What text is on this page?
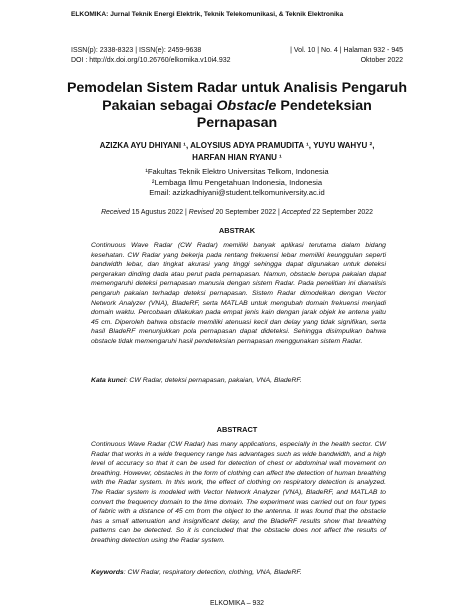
ELKOMIKA: Jurnal Teknik Energi Elektrik, Teknik Telekomunikasi, & Teknik Elektronika
ISSN(p): 2338-8323 | ISSN(e): 2459-9638
DOI : http://dx.doi.org/10.26760/elkomika.v10i4.932
| Vol. 10 | No. 4 | Halaman 932 - 945
Oktober 2022
Pemodelan Sistem Radar untuk Analisis Pengaruh
Pakaian sebagai Obstacle Pendeteksian
Pernapasan
AZIZKA AYU DHIYANI ¹, ALOYSIUS ADYA PRAMUDITA ¹, YUYU WAHYU ²,
HARFAN HIAN RYANU ¹
¹Fakultas Teknik Elektro Universitas Telkom, Indonesia
²Lembaga Ilmu Pengetahuan Indonesia, Indonesia
Email: azizkadhiyani@student.telkomuniversity.ac.id
Received 15 Agustus 2022 | Revised 20 September 2022 | Accepted 22 September 2022
ABSTRAK
Continuous Wave Radar (CW Radar) memiliki banyak aplikasi terutama dalam bidang kesehatan. CW Radar yang bekerja pada rentang frekuensi lebar memiliki keunggulan seperti bandwidth lebar, dan tingkat akurasi yang tinggi sehingga dapat digunakan untuk deteksi pergerakan dinding dada atau perut pada pernapasan. Namun, obstacle berupa pakaian dapat memengaruhi deteksi pernapasan manusia dengan sistem Radar. Pada penelitian ini dianalisis pengaruh pakaian terhadap deteksi pernapasan. Sistem Radar dimodelkan dengan Vector Network Analyzer (VNA), BladeRF, serta MATLAB untuk mengubah domain frekuensi menjadi domain waktu. Percobaan dilakukan pada empat jenis kain dengan jarak objek ke antena yaitu 45 cm. Diperoleh bahwa obstacle memiliki atenuasi kecil dan delay yang tidak signifikan, serta hasil BladeRF menunjukkan pola pernapasan dapat dideteksi. Sehingga disimpulkan bahwa obstacle tidak memengaruhi hasil pendeteksian pernapasan menggunakan sistem Radar.
Kata kunci: CW Radar, deteksi pernapasan, pakaian, VNA, BladeRF.
ABSTRACT
Continuous Wave Radar (CW Radar) has many applications, especially in the health sector. CW Radar that works in a wide frequency range has advantages such as wide bandwidth, and a high level of accuracy so that it can be used for detection of chest or abdominal wall movement on breathing. However, obstacles in the form of clothing can affect the detection of human breathing with the Radar system. In this work, the effect of clothing on respiratory detection is analyzed. The Radar system is modeled with Vector Network Analyzer (VNA), BladeRF, and MATLAB to convert the frequency domain to the time domain. The experiment was carried out on four types of fabric with a distance of 45 cm from the object to the antenna. It was found that the obstacle has a small attenuation and insignificant delay, and the BladeRF results show that breathing patterns can be detected. So it is concluded that the obstacle does not affect the results of breathing detection using the Radar system.
Keywords: CW Radar, respiratory detection, clothing, VNA, BladeRF.
ELKOMIKA – 932
